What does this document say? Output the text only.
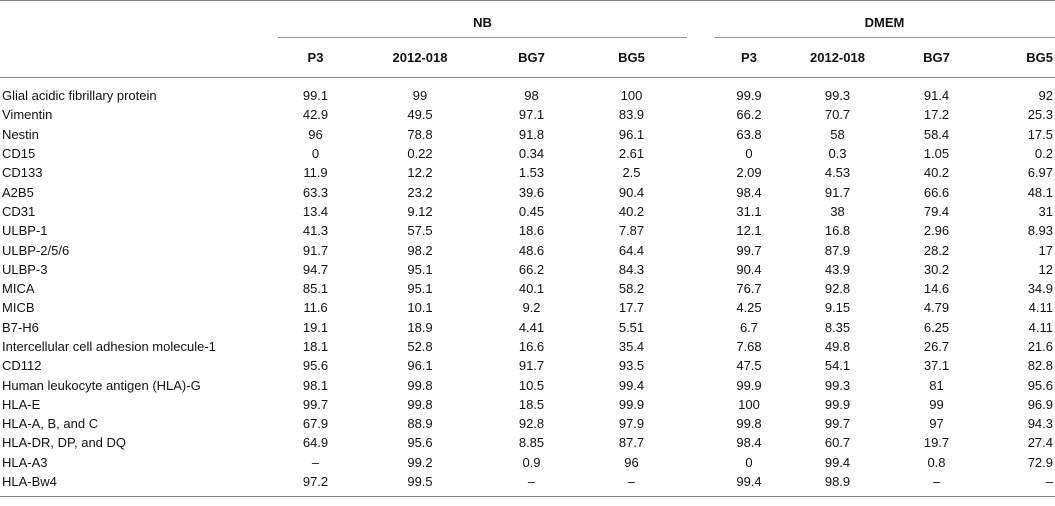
	NB					DMEM			
	P3	2012-018	BG7	BG5		P3	2012-018	BG7	BG5

Glial acidic fibrillary protein	99.1	99	98	100		99.9	99.3	91.4	92
Vimentin	42.9	49.5	97.1	83.9		66.2	70.7	17.2	25.3
Nestin	96	78.8	91.8	96.1		63.8	58	58.4	17.5
CD15	0	0.22	0.34	2.61		0	0.3	1.05	0.2
CD133	11.9	12.2	1.53	2.5		2.09	4.53	40.2	6.97
A2B5	63.3	23.2	39.6	90.4		98.4	91.7	66.6	48.1
CD31	13.4	9.12	0.45	40.2		31.1	38	79.4	31
ULBP-1	41.3	57.5	18.6	7.87		12.1	16.8	2.96	8.93
ULBP-2/5/6	91.7	98.2	48.6	64.4		99.7	87.9	28.2	17
ULBP-3	94.7	95.1	66.2	84.3		90.4	43.9	30.2	12
MICA	85.1	95.1	40.1	58.2		76.7	92.8	14.6	34.9
MICB	11.6	10.1	9.2	17.7		4.25	9.15	4.79	4.11
B7-H6	19.1	18.9	4.41	5.51		6.7	8.35	6.25	4.11
Intercellular cell adhesion molecule-1	18.1	52.8	16.6	35.4		7.68	49.8	26.7	21.6
CD112	95.6	96.1	91.7	93.5		47.5	54.1	37.1	82.8
Human leukocyte antigen (HLA)-G	98.1	99.8	10.5	99.4		99.9	99.3	81	95.6
HLA-E	99.7	99.8	18.5	99.9		100	99.9	99	96.9
HLA-A, B, and C	67.9	88.9	92.8	97.9		99.8	99.7	97	94.3
HLA-DR, DP, and DQ	64.9	95.6	8.85	87.7		98.4	60.7	19.7	27.4
HLA-A3	–	99.2	0.9	96		0	99.4	0.8	72.9
HLA-Bw4	97.2	99.5	–	–		99.4	98.9	–	–
